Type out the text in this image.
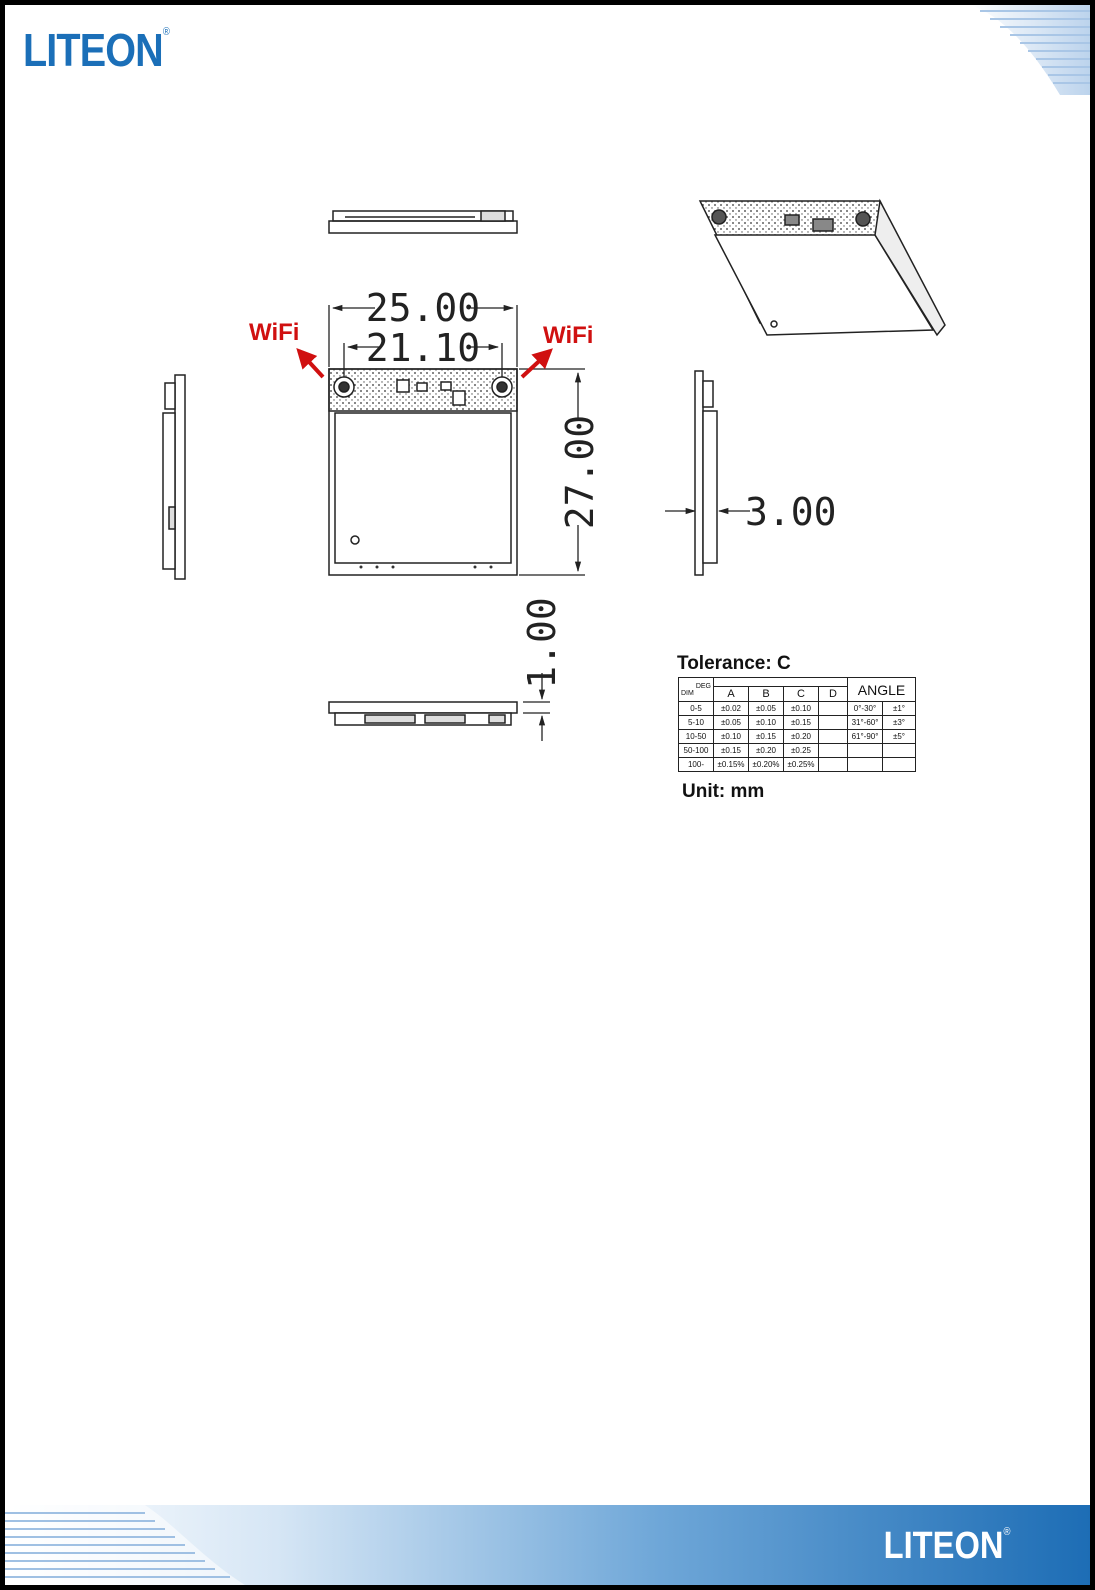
LITEON®
WiFi	WiFi
25.00
21.10
27.00	3.00
1.00	Tolerance: C
DEG
DIM					ANGLE	
	A	B	C	D		
0-5	±0.02	±0.05	±0.10		0°-30°	±1°
5-10	±0.05	±0.10	±0.15		31°-60°	±3°
10-50	±0.10	±0.15	±0.20		61°-90°	±5°
50-100	±0.15	±0.20	±0.25			
100-	±0.15%	±0.20%	±0.25%			
Unit: mm
LITEON®
